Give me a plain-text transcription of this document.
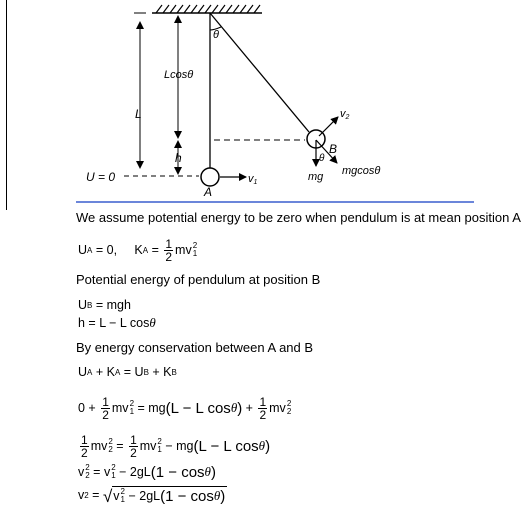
θ
L
Lcosθ
h
U = 0
A
v1
v2
B
mg
θ
mgcosθ
We assume potential energy to be zero when pendulum is at mean position A
U A = 0,     K $A = \frac{1}{2}$ mv 2
1
Potential energy of pendulum at position B
U B = mgh
h = L − L cos θ
By energy conservation between A and B
U A + K A = U B + K B
$0 + \frac{1}{2}$ mv 2
1 = mg (L − L cos θ ) + $\frac{1}{2}$ mv 2
2
$\frac{1}{2}$ mv 2
$2 = \frac{1}{2}$ mv 2
1 − mg (L − L cos θ )
v 2
2 = v 2
1 − 2gL (1 − cos θ )
v 2 = √ v 2
1 − 2gL (1 − cos θ )
